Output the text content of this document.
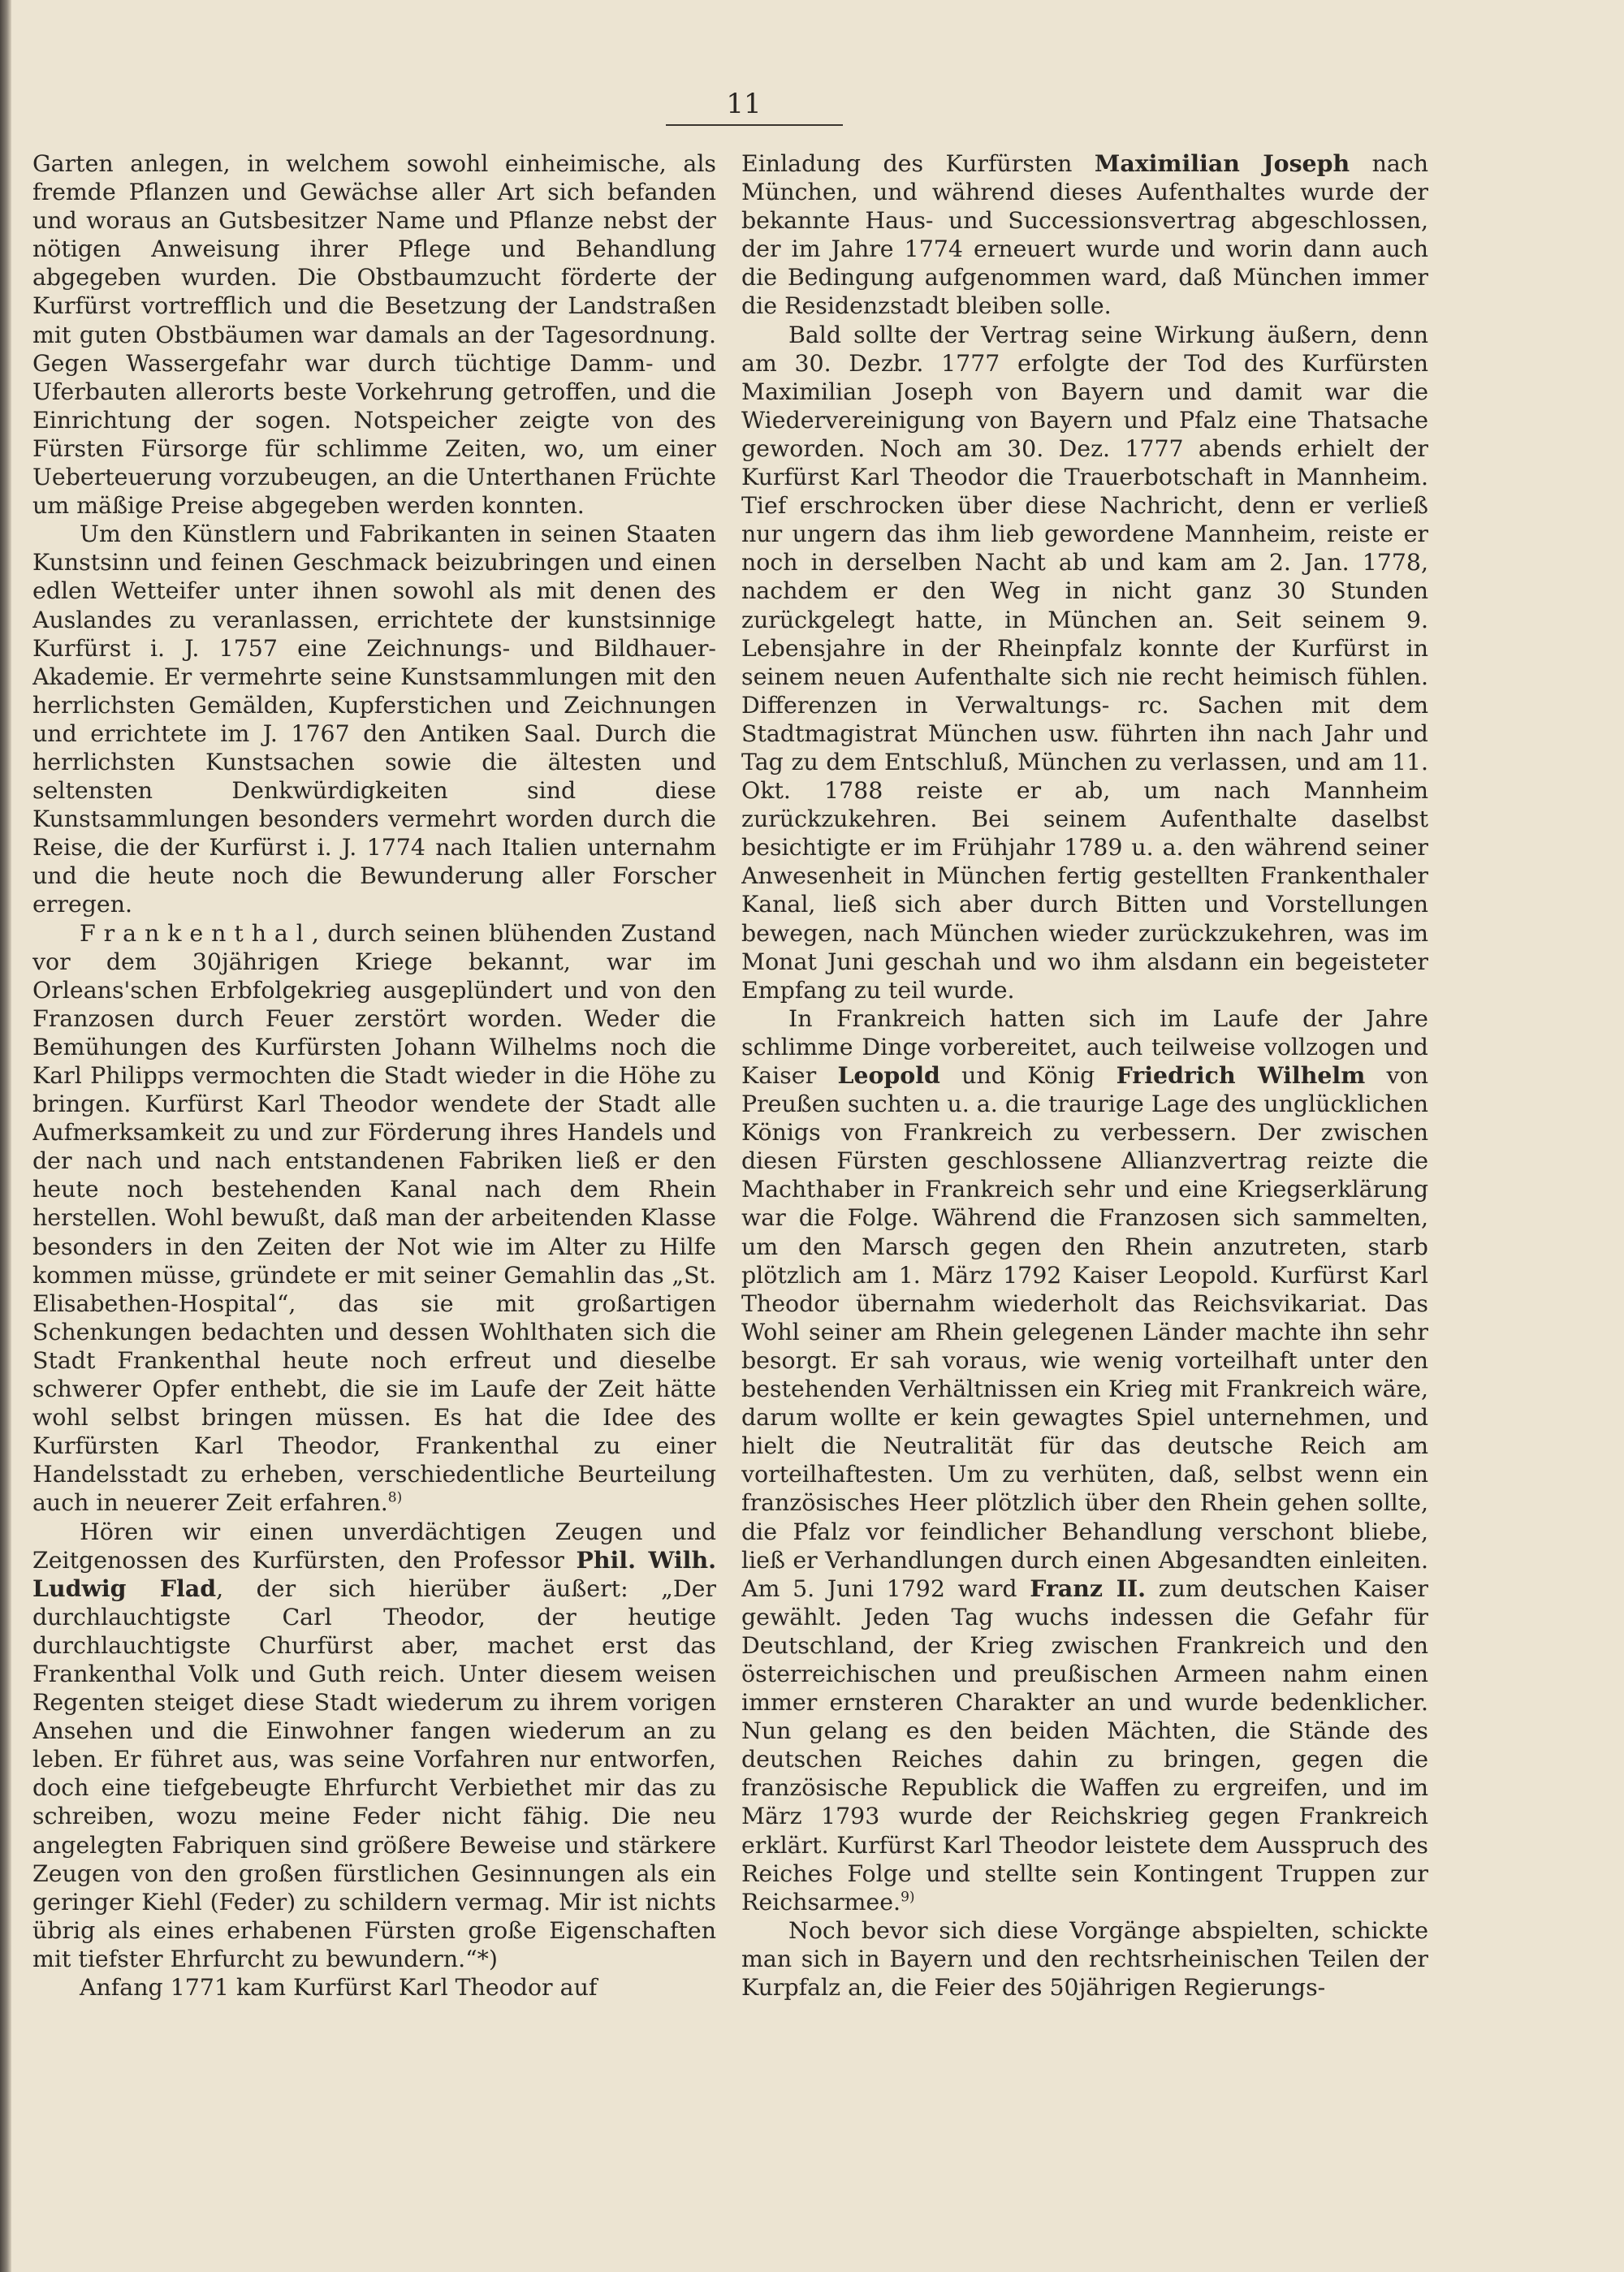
11

Garten anlegen, in welchem sowohl einheimische, als fremde Pflanzen und Gewächse aller Art sich befanden und woraus an Gutsbesitzer Name und Pflanze nebst der nötigen Anweisung ihrer Pflege und Behandlung abgegeben wurden. Die Obstbaumzucht förderte der Kurfürst vortrefflich und die Besetzung der Landstraßen mit guten Obstbäumen war damals an der Tagesordnung. Gegen Wassergefahr war durch tüchtige Damm- und Uferbauten allerorts beste Vorkehrung getroffen, und die Einrichtung der sogen. Notspeicher zeigte von des Fürsten Fürsorge für schlimme Zeiten, wo, um einer Ueberteuerung vorzubeugen, an die Unterthanen Früchte um mäßige Preise abgegeben werden konnten.

Um den Künstlern und Fabrikanten in seinen Staaten Kunstsinn und feinen Geschmack beizubringen und einen edlen Wetteifer unter ihnen sowohl als mit denen des Auslandes zu veranlassen, errichtete der kunstsinnige Kurfürst i. J. 1757 eine Zeichnungs- und Bildhauer-Akademie. Er vermehrte seine Kunstsammlungen mit den herrlichsten Gemälden, Kupferstichen und Zeichnungen und errichtete im J. 1767 den Antiken Saal. Durch die herrlichsten Kunstsachen sowie die ältesten und seltensten Denkwürdigkeiten sind diese Kunstsammlungen besonders vermehrt worden durch die Reise, die der Kurfürst i. J. 1774 nach Italien unternahm und die heute noch die Bewunderung aller Forscher erregen.

Frankenthal, durch seinen blühenden Zustand vor dem 30jährigen Kriege bekannt, war im Orleans'schen Erbfolgekrieg ausgeplündert und von den Franzosen durch Feuer zerstört worden. Weder die Bemühungen des Kurfürsten Johann Wilhelms noch die Karl Philipps vermochten die Stadt wieder in die Höhe zu bringen. Kurfürst Karl Theodor wendete der Stadt alle Aufmerksamkeit zu und zur Förderung ihres Handels und der nach und nach entstandenen Fabriken ließ er den heute noch bestehenden Kanal nach dem Rhein herstellen. Wohl bewußt, daß man der arbeitenden Klasse besonders in den Zeiten der Not wie im Alter zu Hilfe kommen müsse, gründete er mit seiner Gemahlin das „St. Elisabethen-Hospital“, das sie mit großartigen Schenkungen bedachten und dessen Wohlthaten sich die Stadt Frankenthal heute noch erfreut und dieselbe schwerer Opfer enthebt, die sie im Laufe der Zeit hätte wohl selbst bringen müssen. Es hat die Idee des Kurfürsten Karl Theodor, Frankenthal zu einer Handelsstadt zu erheben, verschiedentliche Beurteilung auch in neuerer Zeit erfahren.$^{8)}$

Hören wir einen unverdächtigen Zeugen und Zeitgenossen des Kurfürsten, den Professor Phil. Wilh. Ludwig Flad, der sich hierüber äußert: „Der durchlauchtigste Carl Theodor, der heutige durchlauchtigste Churfürst aber, machet erst das Frankenthal Volk und Guth reich. Unter diesem weisen Regenten steiget diese Stadt wiederum zu ihrem vorigen Ansehen und die Einwohner fangen wiederum an zu leben. Er führet aus, was seine Vorfahren nur entworfen, doch eine tiefgebeugte Ehrfurcht Verbiethet mir das zu schreiben, wozu meine Feder nicht fähig. Die neu angelegten Fabriquen sind größere Beweise und stärkere Zeugen von den großen fürstlichen Gesinnungen als ein geringer Kiehl (Feder) zu schildern vermag. Mir ist nichts übrig als eines erhabenen Fürsten große Eigenschaften mit tiefster Ehrfurcht zu bewundern.“*)

Anfang 1771 kam Kurfürst Karl Theodor auf

Einladung des Kurfürsten Maximilian Joseph nach München, und während dieses Aufenthaltes wurde der bekannte Haus- und Successionsvertrag abgeschlossen, der im Jahre 1774 erneuert wurde und worin dann auch die Bedingung aufgenommen ward, daß München immer die Residenzstadt bleiben solle.

Bald sollte der Vertrag seine Wirkung äußern, denn am 30. Dezbr. 1777 erfolgte der Tod des Kurfürsten Maximilian Joseph von Bayern und damit war die Wiedervereinigung von Bayern und Pfalz eine Thatsache geworden. Noch am 30. Dez. 1777 abends erhielt der Kurfürst Karl Theodor die Trauerbotschaft in Mannheim. Tief erschrocken über diese Nachricht, denn er verließ nur ungern das ihm lieb gewordene Mannheim, reiste er noch in derselben Nacht ab und kam am 2. Jan. 1778, nachdem er den Weg in nicht ganz 30 Stunden zurückgelegt hatte, in München an. Seit seinem 9. Lebensjahre in der Rheinpfalz konnte der Kurfürst in seinem neuen Aufenthalte sich nie recht heimisch fühlen. Differenzen in Verwaltungs- rc. Sachen mit dem Stadtmagistrat München usw. führten ihn nach Jahr und Tag zu dem Entschluß, München zu verlassen, und am 11. Okt. 1788 reiste er ab, um nach Mannheim zurückzukehren. Bei seinem Aufenthalte daselbst besichtigte er im Frühjahr 1789 u. a. den während seiner Anwesenheit in München fertig gestellten Frankenthaler Kanal, ließ sich aber durch Bitten und Vorstellungen bewegen, nach München wieder zurückzukehren, was im Monat Juni geschah und wo ihm alsdann ein begeisteter Empfang zu teil wurde.

In Frankreich hatten sich im Laufe der Jahre schlimme Dinge vorbereitet, auch teilweise vollzogen und Kaiser Leopold und König Friedrich Wilhelm von Preußen suchten u. a. die traurige Lage des unglücklichen Königs von Frankreich zu verbessern. Der zwischen diesen Fürsten geschlossene Allianzvertrag reizte die Machthaber in Frankreich sehr und eine Kriegserklärung war die Folge. Während die Franzosen sich sammelten, um den Marsch gegen den Rhein anzutreten, starb plötzlich am 1. März 1792 Kaiser Leopold. Kurfürst Karl Theodor übernahm wiederholt das Reichsvikariat. Das Wohl seiner am Rhein gelegenen Länder machte ihn sehr besorgt. Er sah voraus, wie wenig vorteilhaft unter den bestehenden Verhältnissen ein Krieg mit Frankreich wäre, darum wollte er kein gewagtes Spiel unternehmen, und hielt die Neutralität für das deutsche Reich am vorteilhaftesten. Um zu verhüten, daß, selbst wenn ein französisches Heer plötzlich über den Rhein gehen sollte, die Pfalz vor feindlicher Behandlung verschont bliebe, ließ er Verhandlungen durch einen Abgesandten einleiten. Am 5. Juni 1792 ward Franz II. zum deutschen Kaiser gewählt. Jeden Tag wuchs indessen die Gefahr für Deutschland, der Krieg zwischen Frankreich und den österreichischen und preußischen Armeen nahm einen immer ernsteren Charakter an und wurde bedenklicher. Nun gelang es den beiden Mächten, die Stände des deutschen Reiches dahin zu bringen, gegen die französische Republick die Waffen zu ergreifen, und im März 1793 wurde der Reichskrieg gegen Frankreich erklärt. Kurfürst Karl Theodor leistete dem Ausspruch des Reiches Folge und stellte sein Kontingent Truppen zur Reichsarmee.$^{9)}$

Noch bevor sich diese Vorgänge abspielten, schickte man sich in Bayern und den rechtsrheinischen Teilen der Kurpfalz an, die Feier des 50jährigen Regierungs-
